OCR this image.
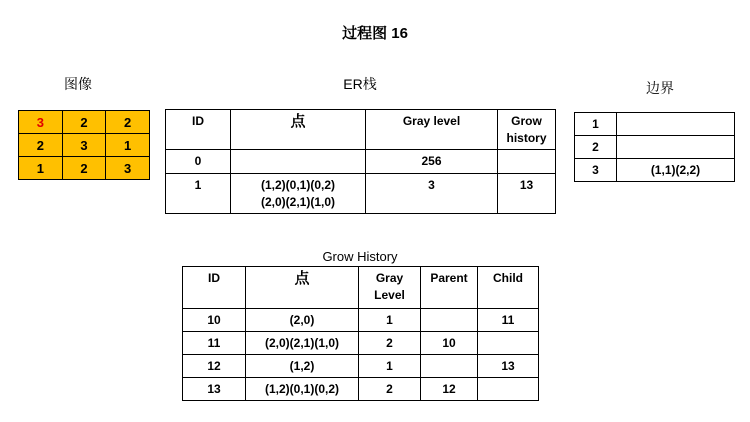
过程图 16
图像
3	2	2
2	3	1
1	2	3
ER栈
ID	点	Gray level	Grow history
0		256	
1	(1,2)(0,1)(0,2)
(2,0)(2,1)(1,0)	3	13
边界
1	
2	
3	(1,1)(2,2)
Grow History
ID	点	Gray Level	Parent	Child
10	(2,0)	1		11
11	(2,0)(2,1)(1,0)	2	10	
12	(1,2)	1		13
13	(1,2)(0,1)(0,2)	2	12	
